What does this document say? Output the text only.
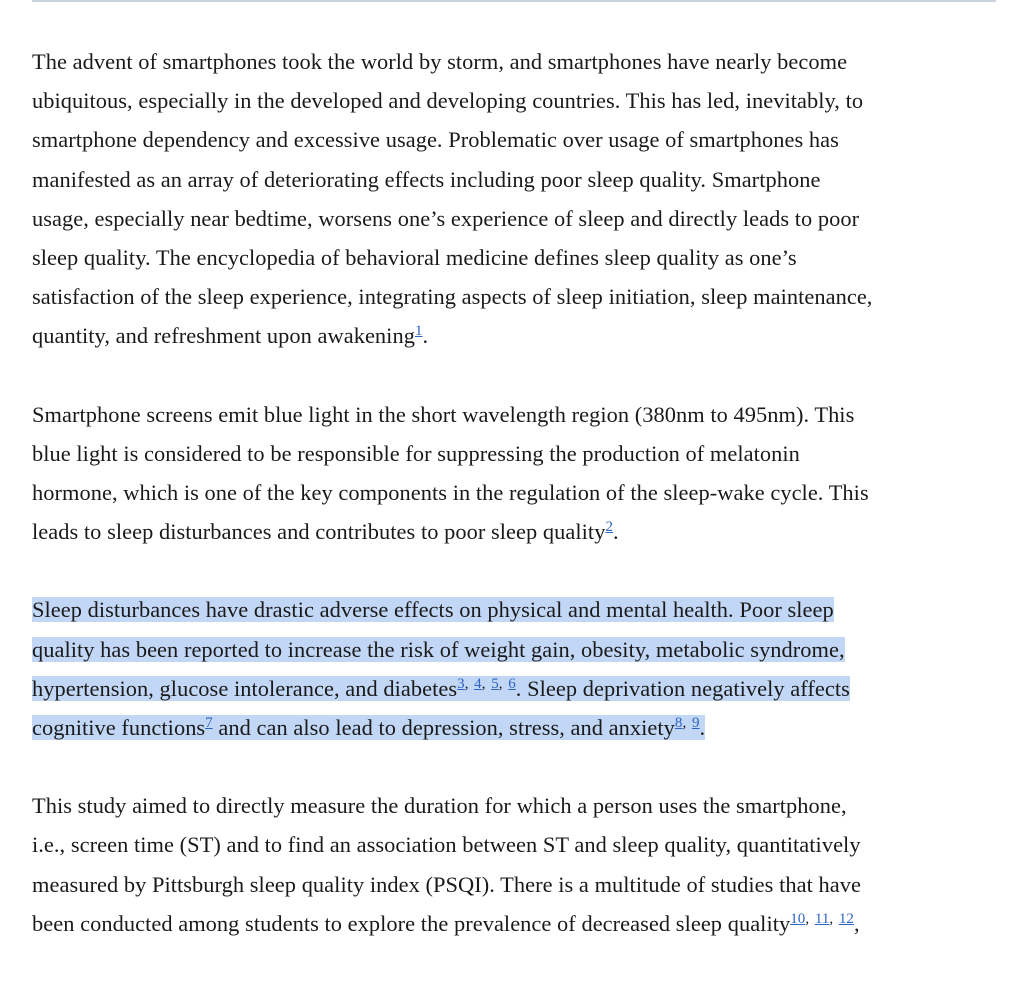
The advent of smartphones took the world by storm, and smartphones have nearly become
ubiquitous, especially in the developed and developing countries. This has led, inevitably, to
smartphone dependency and excessive usage. Problematic over usage of smartphones has
manifested as an array of deteriorating effects including poor sleep quality. Smartphone
usage, especially near bedtime, worsens one’s experience of sleep and directly leads to poor
sleep quality. The encyclopedia of behavioral medicine defines sleep quality as one’s
satisfaction of the sleep experience, integrating aspects of sleep initiation, sleep maintenance,
quantity, and refreshment upon awakening$^1$.

Smartphone screens emit blue light in the short wavelength region (380nm to 495nm). This
blue light is considered to be responsible for suppressing the production of melatonin
hormone, which is one of the key components in the regulation of the sleep-wake cycle. This
leads to sleep disturbances and contributes to poor sleep quality$^2$.

Sleep disturbances have drastic adverse effects on physical and mental health. Poor sleep
quality has been reported to increase the risk of weight gain, obesity, metabolic syndrome,
hypertension, glucose intolerance, and diabetes$^{3,}$ $^{4,}$ $^{5,}$ $^6$. Sleep deprivation negatively affects
cognitive functions$^7$ and can also lead to depression, stress, and anxiety$^{8,}$ $^9$.

This study aimed to directly measure the duration for which a person uses the smartphone,
i.e., screen time (ST) and to find an association between ST and sleep quality, quantitatively
measured by Pittsburgh sleep quality index (PSQI). There is a multitude of studies that have
been conducted among students to explore the prevalence of decreased sleep quality$^{10,}$ $^{11,}$ $^{12}$,
